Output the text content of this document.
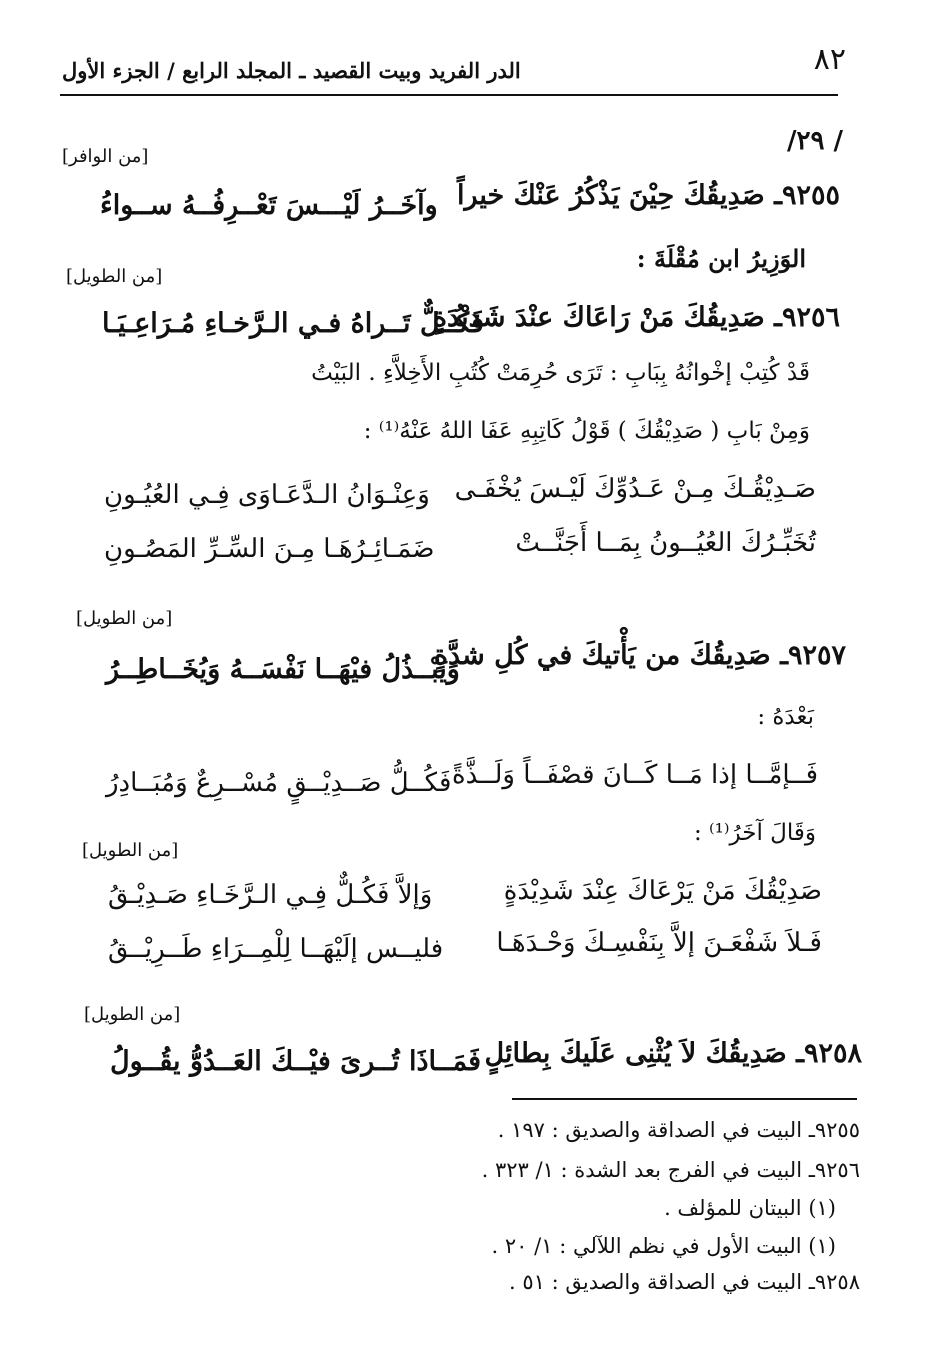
٨٢
الدر الفريد وبيت القصيد ـ المجلد الرابع / الجزء الأول
/ ٢٩/
[من الوافر]
٩٢٥٥ـ صَدِيقُكَ حِيْنَ يَذْكُرُ عَنْكَ خيراً
وآخَــرُ لَيْـــسَ تَعْــرِفُــهُ ســواءُ
الوَزِيرُ ابن مُقْلَةَ :
[من الطويل]
٩٢٥٦ـ صَدِيقُكَ مَنْ رَاعَاكَ عنْدَ شَدِيْدَةٍ
فَكُــلٌّ تَــراهُ فـي الـرَّخـاءِ مُـرَاعِـيَـا
قَدْ كُتِبْ إخْوانُهُ بِبَابِ : تَرَى حُرِمَتْ كُتُبِ الأَخِلاَّءِ . البَيْتُ
وَمِنْ بَابِ ( صَدِيْقُكَ ) قَوْلُ كَاتِبِهِ عَفَا اللهُ عَنْهُ⁽¹⁾ :
صَـدِيْقُـكَ مِـنْ عَـدُوِّكَ لَيْـسَ يُخْفَـى
وَعِنْـوَانُ الـدَّعَـاوَى فِـي العُيُـونِ
تُخَبِّـرُكَ العُيُــونُ بِمَــا أَجَنَّــتْ
ضَمَـائِـرُهَـا مِـنَ السِّـرِّ المَصُـونِ
[من الطويل]
٩٢٥٧ـ صَدِيقُكَ من يَأْتيكَ في كُلِ شدَّةٍ
وَيَبْــذُلُ فيْهَــا نَفْسَــهُ وَيُخَــاطِــرُ
بَعْدَهُ :
فَــإمَّــا إذا مَــا كَــانَ قصْفَــاً وَلَــذَّةً
فَكُــلُّ صَــدِيْــقٍ مُسْــرِعٌ وَمُبَــادِرُ
وَقَالَ آخَرُ⁽¹⁾ :
[من الطويل]
صَدِيْقُكَ مَنْ يَرْعَاكَ عِنْدَ شَدِيْدَةٍ
وَإلاَّ فَكُـلٌّ فِـي الـرَّخَـاءِ صَـدِيْـقُ
فَـلاَ شَفْعَـنَ إلاَّ بِنَفْسِـكَ وَحْـدَهَـا
فليــس إلَيْهَــا لِلْمِــرَاءِ طَــرِيْــقُ
[من الطويل]
٩٢٥٨ـ صَدِيقُكَ لاَ يُثْنِى عَلَيكَ بِطائِلٍ
فَمَــاذَا تُــرىَ فيْــكَ العَــدُوُّ يقُــولُ
٩٢٥٥ـ البيت في الصداقة والصديق : ١٩٧ .
٩٢٥٦ـ البيت في الفرج بعد الشدة : ١/ ٣٢٣ .
(١) البيتان للمؤلف .
(١) البيت الأول في نظم اللآلي : ١/ ٢٠ .
٩٢٥٨ـ البيت في الصداقة والصديق : ٥١ .
